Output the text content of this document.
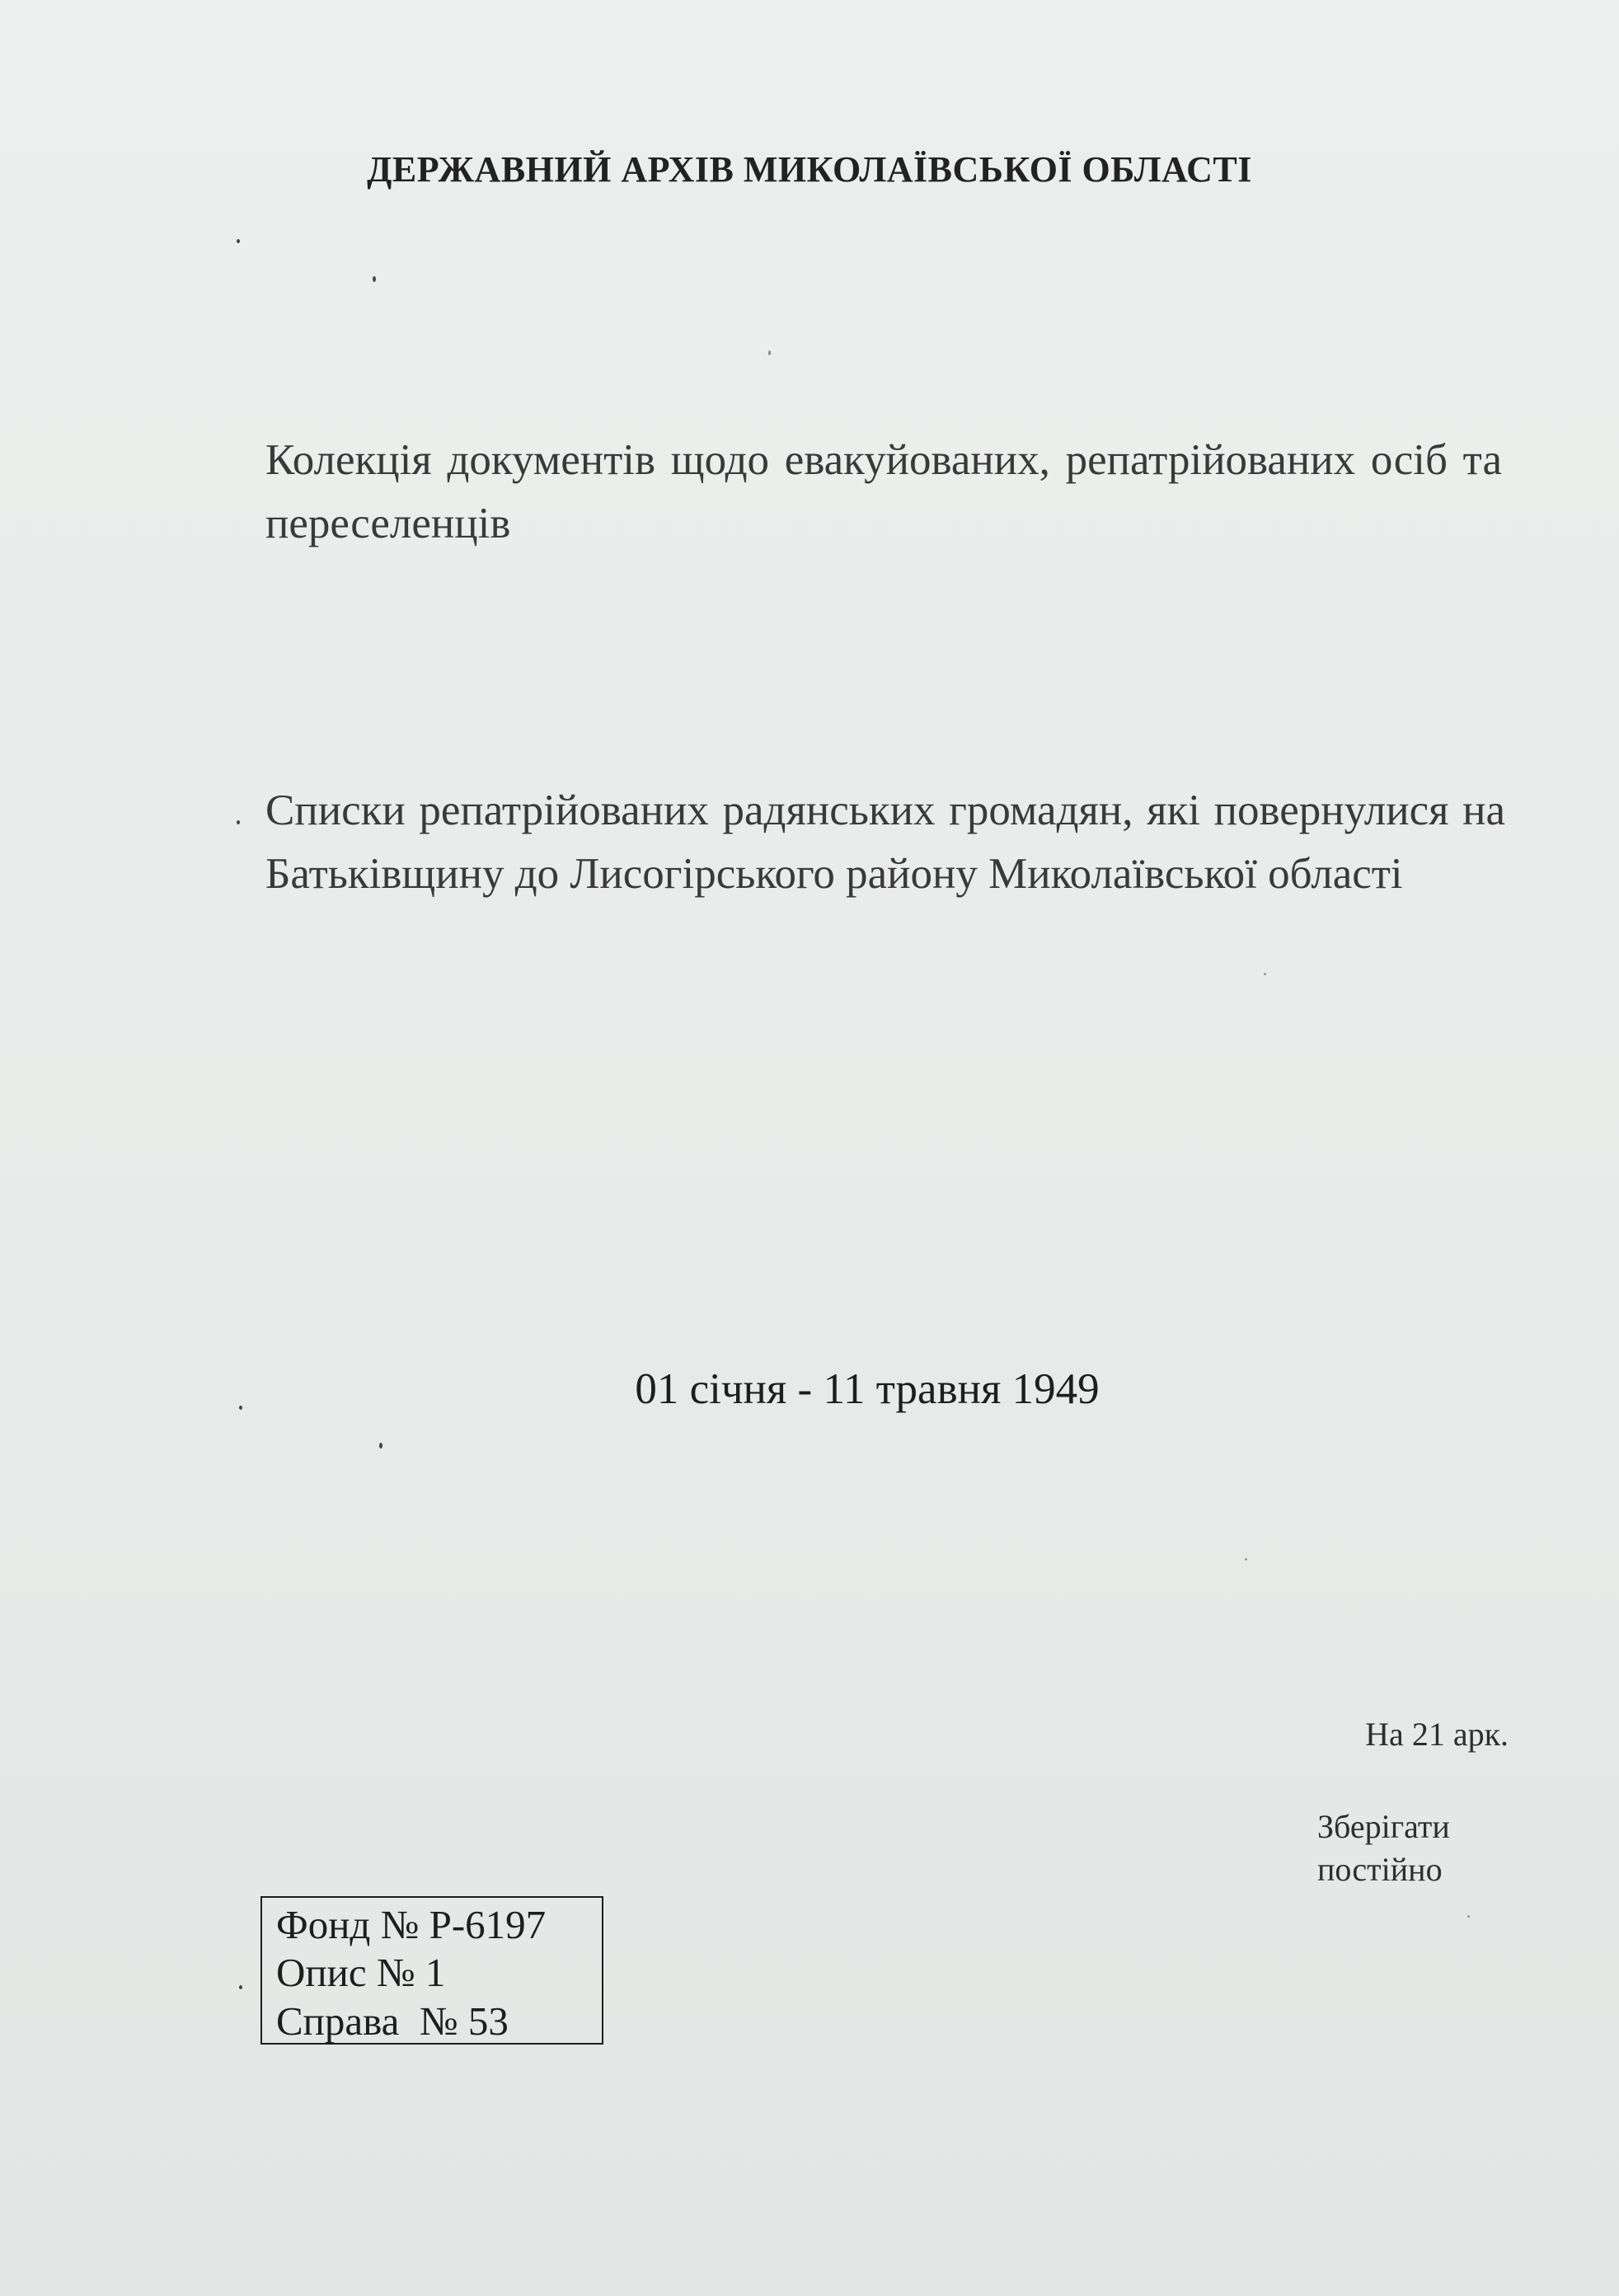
ДЕРЖАВНИЙ АРХІВ МИКОЛАЇВСЬКОЇ ОБЛАСТІ
Колекція документів щодо евакуйованих, репатрійованих осіб та переселенців
Списки репатрійованих радянських громадян, які повернулися на Батьківщину до Лисогірського району Миколаївської області
01 січня - 11 травня 1949
На 21 арк.
Зберігати
постійно
Фонд № Р-6197
Опис № 1
Справа  № 53
